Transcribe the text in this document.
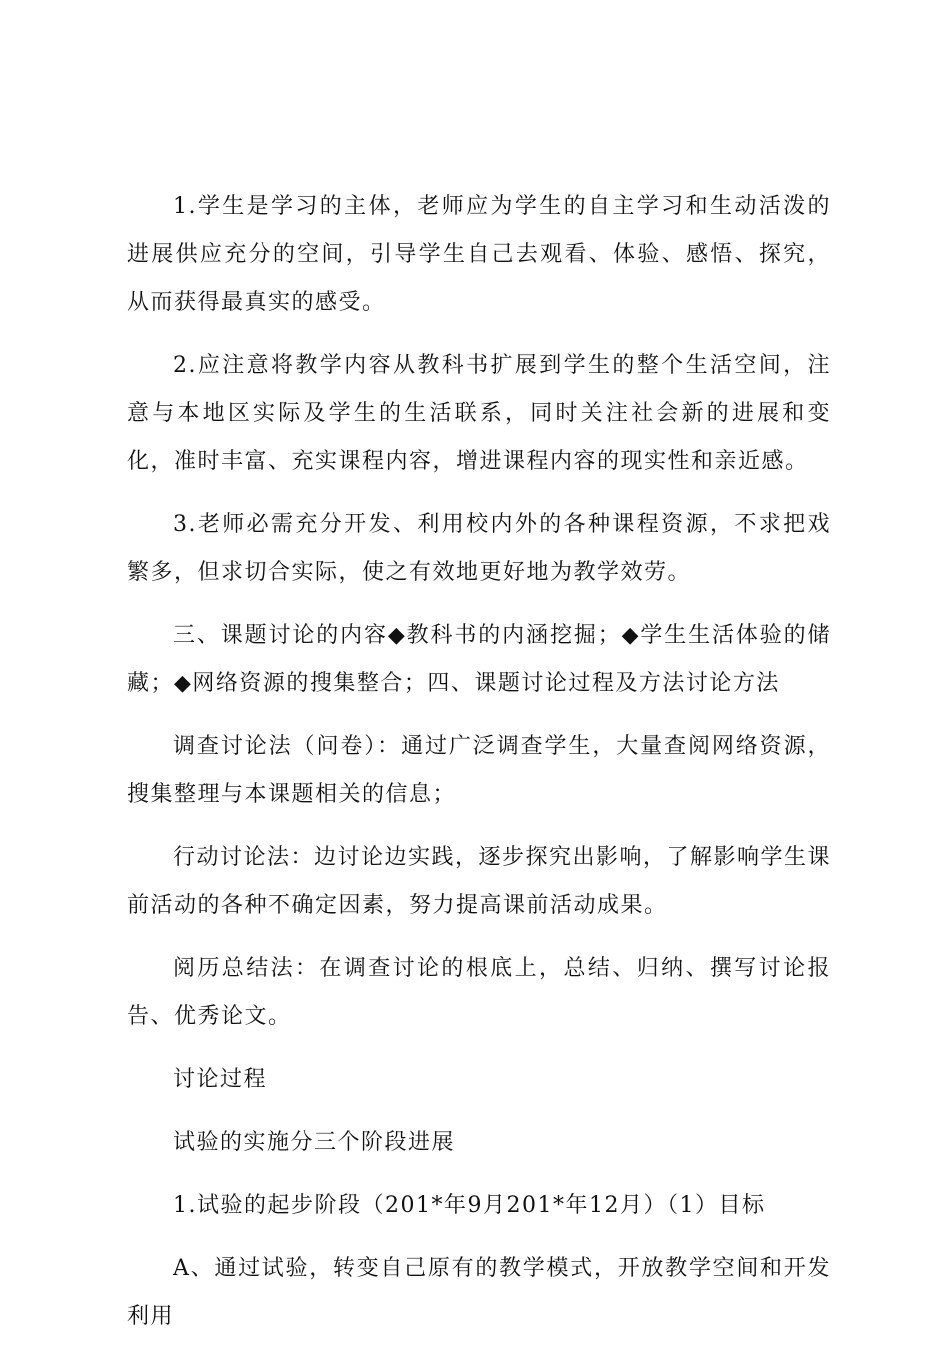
1.学生是学习的主体，老师应为学生的自主学习和生动活泼的进展供应充分的空间，引导学生自己去观看、体验、感悟、探究，从而获得最真实的感受。

2.应注意将教学内容从教科书扩展到学生的整个生活空间，注意与本地区实际及学生的生活联系，同时关注社会新的进展和变化，准时丰富、充实课程内容，增进课程内容的现实性和亲近感。

3.老师必需充分开发、利用校内外的各种课程资源，不求把戏繁多，但求切合实际，使之有效地更好地为教学效劳。

三、课题讨论的内容◆教科书的内涵挖掘；◆学生生活体验的储藏；◆网络资源的搜集整合；四、课题讨论过程及方法讨论方法

调查讨论法（问卷）：通过广泛调查学生，大量查阅网络资源，搜集整理与本课题相关的信息；

行动讨论法：边讨论边实践，逐步探究出影响，了解影响学生课前活动的各种不确定因素，努力提高课前活动成果。

阅历总结法：在调查讨论的根底上，总结、归纳、撰写讨论报告、优秀论文。

讨论过程

试验的实施分三个阶段进展

1.试验的起步阶段（201*年9月201*年12月）（1）目标

A、通过试验，转变自己原有的教学模式，开放教学空间和开发利用
